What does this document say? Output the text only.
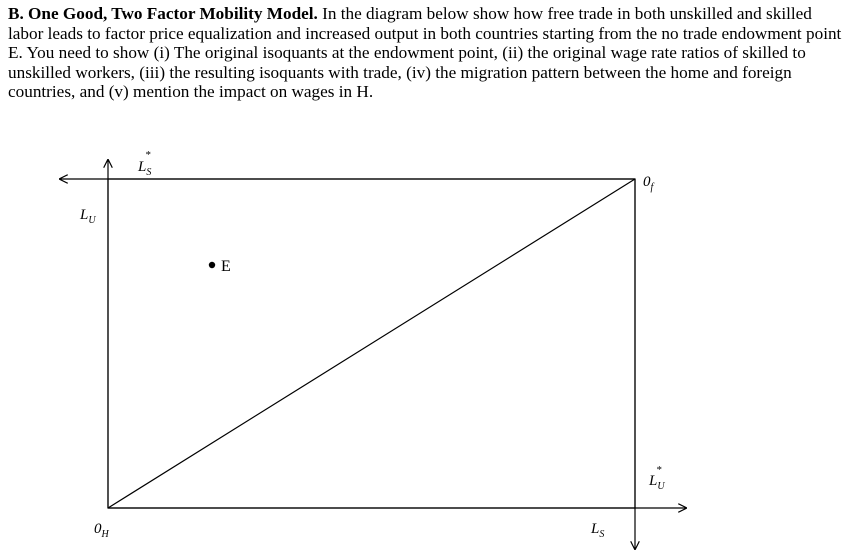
B. One Good, Two Factor Mobility Model. In the diagram below show how free trade in both unskilled and skilled labor leads to factor price equalization and increased output in both countries starting from the no trade endowment point E. You need to show (i) The original isoquants at the endowment point, (ii) the original wage rate ratios of skilled to unskilled workers, (iii) the resulting isoquants with trade, (iv) the migration pattern between the home and foreign countries, and (v) mention the impact on wages in H.

E
$L_S$
*
$L_U$
$0_f$
$L_U$
*
$0_H$	$L_S$
